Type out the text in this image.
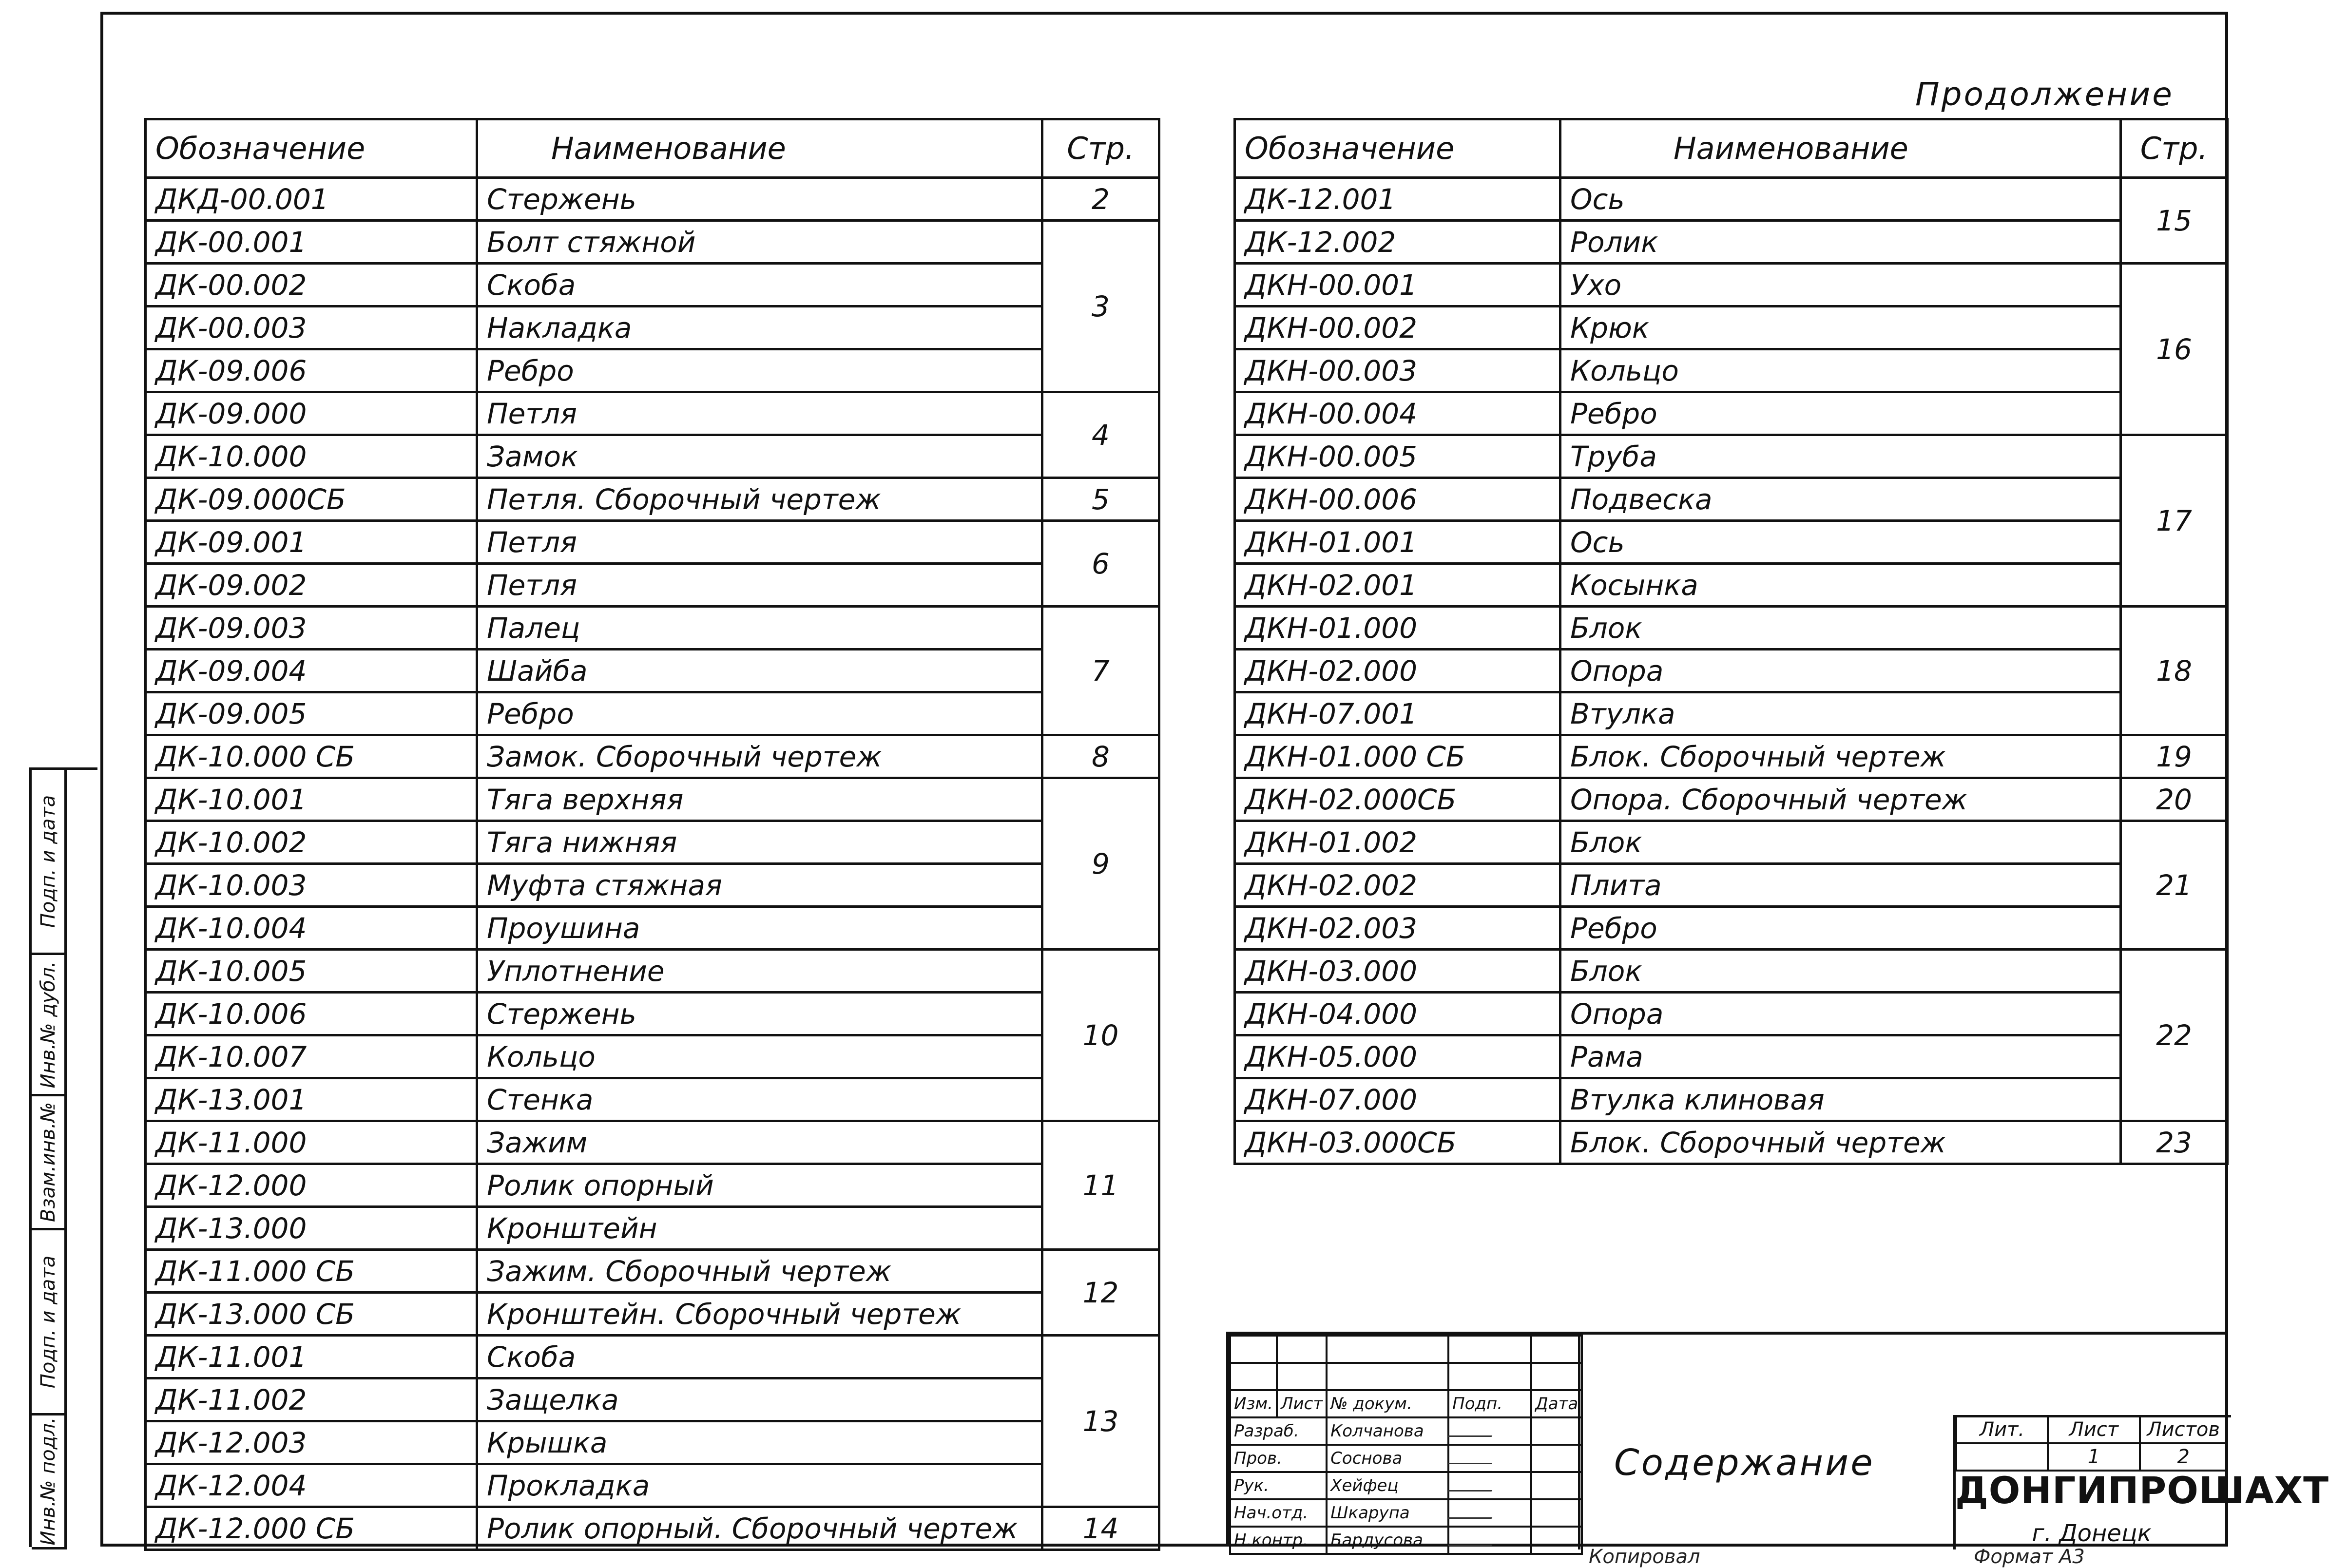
Продолжение
Обозначение	Наименование	Стр.
ДКД-00.001	Стержень	2
ДК-00.001	Болт стяжной	3
ДК-00.002	Скоба	
ДК-00.003	Накладка	
ДК-09.006	Ребро	
ДК-09.000	Петля	4
ДК-10.000	Замок	
ДК-09.000СБ	Петля. Сборочный чертеж	5
ДК-09.001	Петля	6
ДК-09.002	Петля	
ДК-09.003	Палец	7
ДК-09.004	Шайба	
ДК-09.005	Ребро	
ДК-10.000 СБ	Замок. Сборочный чертеж	8
ДК-10.001	Тяга верхняя	9
ДК-10.002	Тяга нижняя	
ДК-10.003	Муфта стяжная	
ДК-10.004	Проушина	
ДК-10.005	Уплотнение	10
ДК-10.006	Стержень	
ДК-10.007	Кольцо	
ДК-13.001	Стенка	
ДК-11.000	Зажим	11
ДК-12.000	Ролик опорный	
ДК-13.000	Кронштейн	
ДК-11.000 СБ	Зажим. Сборочный чертеж	12
ДК-13.000 СБ	Кронштейн. Сборочный чертеж	
ДК-11.001	Скоба	13
ДК-11.002	Защелка	
ДК-12.003	Крышка	
ДК-12.004	Прокладка	
ДК-12.000 СБ	Ролик опорный. Сборочный чертеж	14
Обозначение	Наименование	Стр.
ДК-12.001	Ось	15
ДК-12.002	Ролик	
ДКН-00.001	Ухо	16
ДКН-00.002	Крюк	
ДКН-00.003	Кольцо	
ДКН-00.004	Ребро	
ДКН-00.005	Труба	17
ДКН-00.006	Подвеска	
ДКН-01.001	Ось	
ДКН-02.001	Косынка	
ДКН-01.000	Блок	18
ДКН-02.000	Опора	
ДКН-07.001	Втулка	
ДКН-01.000 СБ	Блок. Сборочный чертеж	19
ДКН-02.000СБ	Опора. Сборочный чертеж	20
ДКН-01.002	Блок	21
ДКН-02.002	Плита	
ДКН-02.003	Ребро	
ДКН-03.000	Блок	22
ДКН-04.000	Опора	
ДКН-05.000	Рама	
ДКН-07.000	Втулка клиновая	
ДКН-03.000СБ	Блок. Сборочный чертеж	23
Подп. и дата
Инв.№ дубл.
Взам.инв.№
Подп. и дата
Инв.№ подл.

Изм.	Лист	№ докум.	Подп.	Дата
Разраб.		Колчанова		
Пров.		Соснова		
Рук.		Хейфец		
Нач.отд.		Шкарупа		
Н.контр.		Бардусова		
Содержание
Лит.	Лист	Листов
	1	2
ДОНГИПРОШАХТ
г. Донецк
Копировал	Формат А3
